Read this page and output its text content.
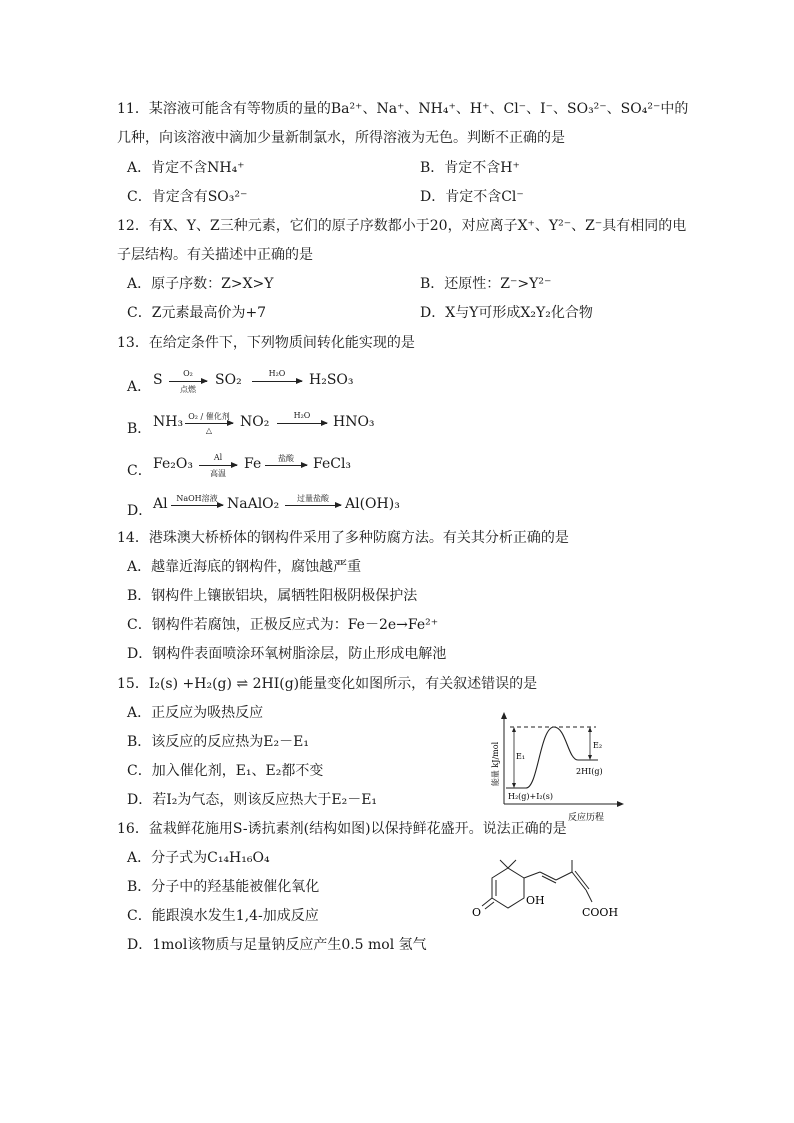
11．某溶液可能含有等物质的量的Ba²⁺、Na⁺、NH₄⁺、H⁺、Cl⁻、I⁻、SO₃²⁻、SO₄²⁻中的
几种，向该溶液中滴加少量新制氯水，所得溶液为无色。判断不正确的是
A．肯定不含NH₄⁺	B．肯定不含H⁺
C．肯定含有SO₃²⁻	D．肯定不含Cl⁻
12．有X、Y、Z三种元素，它们的原子序数都小于20，对应离子X⁺、Y²⁻、Z⁻具有相同的电
子层结构。有关描述中正确的是
A．原子序数：Z>X>Y	B．还原性：Z⁻>Y²⁻
C．Z元素最高价为+7	D．X与Y可形成X₂Y₂化合物
13．在给定条件下，下列物质间转化能实现的是
A． S	O₂
点燃
SO₂	H₂O → H₂SO₃
B． NH₃ O₂ / 催化剂
△
NO₂	H₂O → HNO₃
C． Fe₂O₃	Al
高温
Fe	盐酸 → FeCl₃
D． Al	NaOH溶液 → NaAlO₂	过量盐酸 → Al(OH)₃
14．港珠澳大桥桥体的钢构件采用了多种防腐方法。有关其分析正确的是
A．越靠近海底的钢构件，腐蚀越严重
B．钢构件上镶嵌铝块，属牺牲阳极阴极保护法
C．钢构件若腐蚀，正极反应式为：Fe－2e→Fe²⁺
D．钢构件表面喷涂环氧树脂涂层，防止形成电解池
15．I₂(s) +H₂(g) ⇌ 2HI(g)能量变化如图所示，有关叙述错误的是
A．正反应为吸热反应
B．该反应的反应热为E₂－E₁
C．加入催化剂，E₁、E₂都不变
D．若I₂为气态，则该反应热大于E₂－E₁
能量 kJ/mol E₁
E₂
2HI(g)
H₂(g)+I₂(s)
反应历程
16．盆栽鲜花施用S-诱抗素剂(结构如图)以保持鲜花盛开。说法正确的是
A．分子式为C₁₄H₁₆O₄
B．分子中的羟基能被催化氧化
C．能跟溴水发生1,4-加成反应
D．1mol该物质与足量钠反应产生0.5 mol 氢气
O
OH
COOH
